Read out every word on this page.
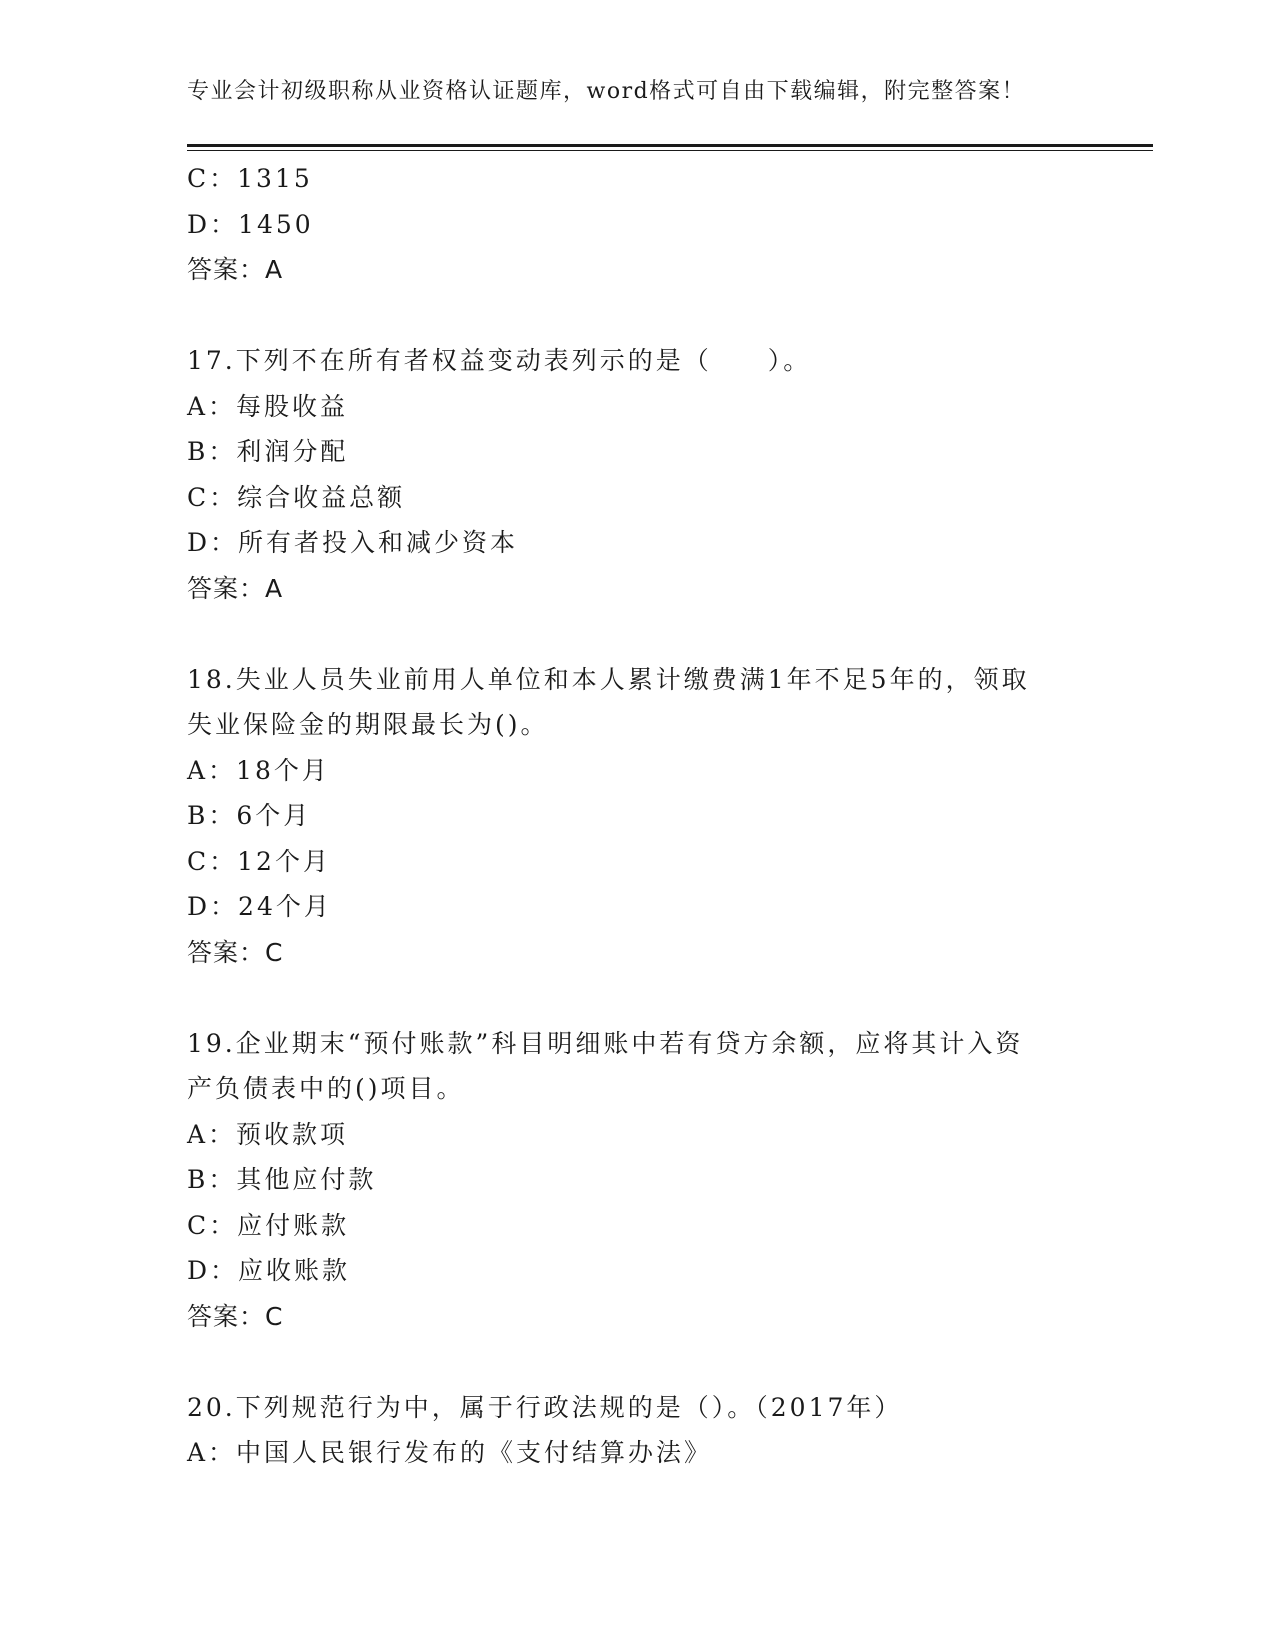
专业会计初级职称从业资格认证题库，word格式可自由下载编辑，附完整答案！
C：1315
D：1450
答案：A
17.下列不在所有者权益变动表列示的是（　　）。
A：每股收益
B：利润分配
C：综合收益总额
D：所有者投入和减少资本
答案：A
18.失业人员失业前用人单位和本人累计缴费满1年不足5年的，领取
失业保险金的期限最长为()。
A：18个月
B：6个月
C：12个月
D：24个月
答案：C
19.企业期末“预付账款”科目明细账中若有贷方余额，应将其计入资
产负债表中的()项目。
A：预收款项
B：其他应付款
C：应付账款
D：应收账款
答案：C
20.下列规范行为中，属于行政法规的是（）。（2017年）
A：中国人民银行发布的《支付结算办法》
